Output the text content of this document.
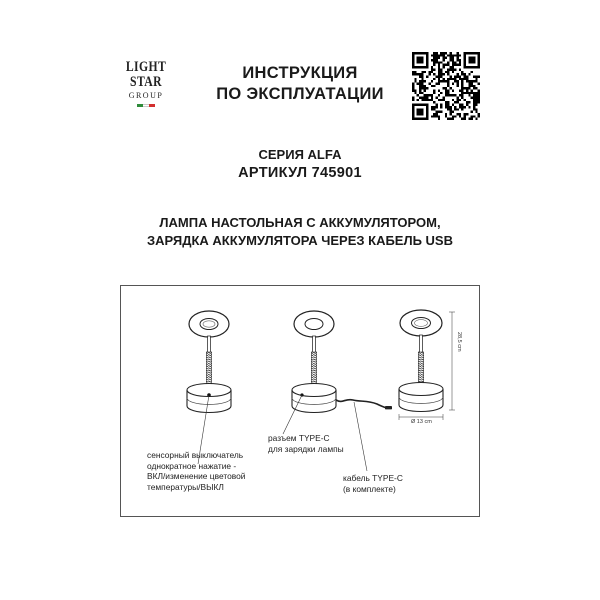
LIGHT
STAR
GROUP
ИНСТРУКЦИЯ
ПО ЭКСПЛУАТАЦИИ
СЕРИЯ ALFA
АРТИКУЛ 745901
ЛАМПА НАСТОЛЬНАЯ С АККУМУЛЯТОРОМ,
ЗАРЯДКА АККУМУЛЯТОРА ЧЕРЕЗ КАБЕЛЬ USB
28,5 cm
Ø 13 cm
сенсорный выключатель
однократное нажатие -
ВКЛ/изменение цветовой
температуры/ВЫКЛ
разъем TYPE-C
для зарядки лампы
кабель TYPE-C
(в комплекте)
